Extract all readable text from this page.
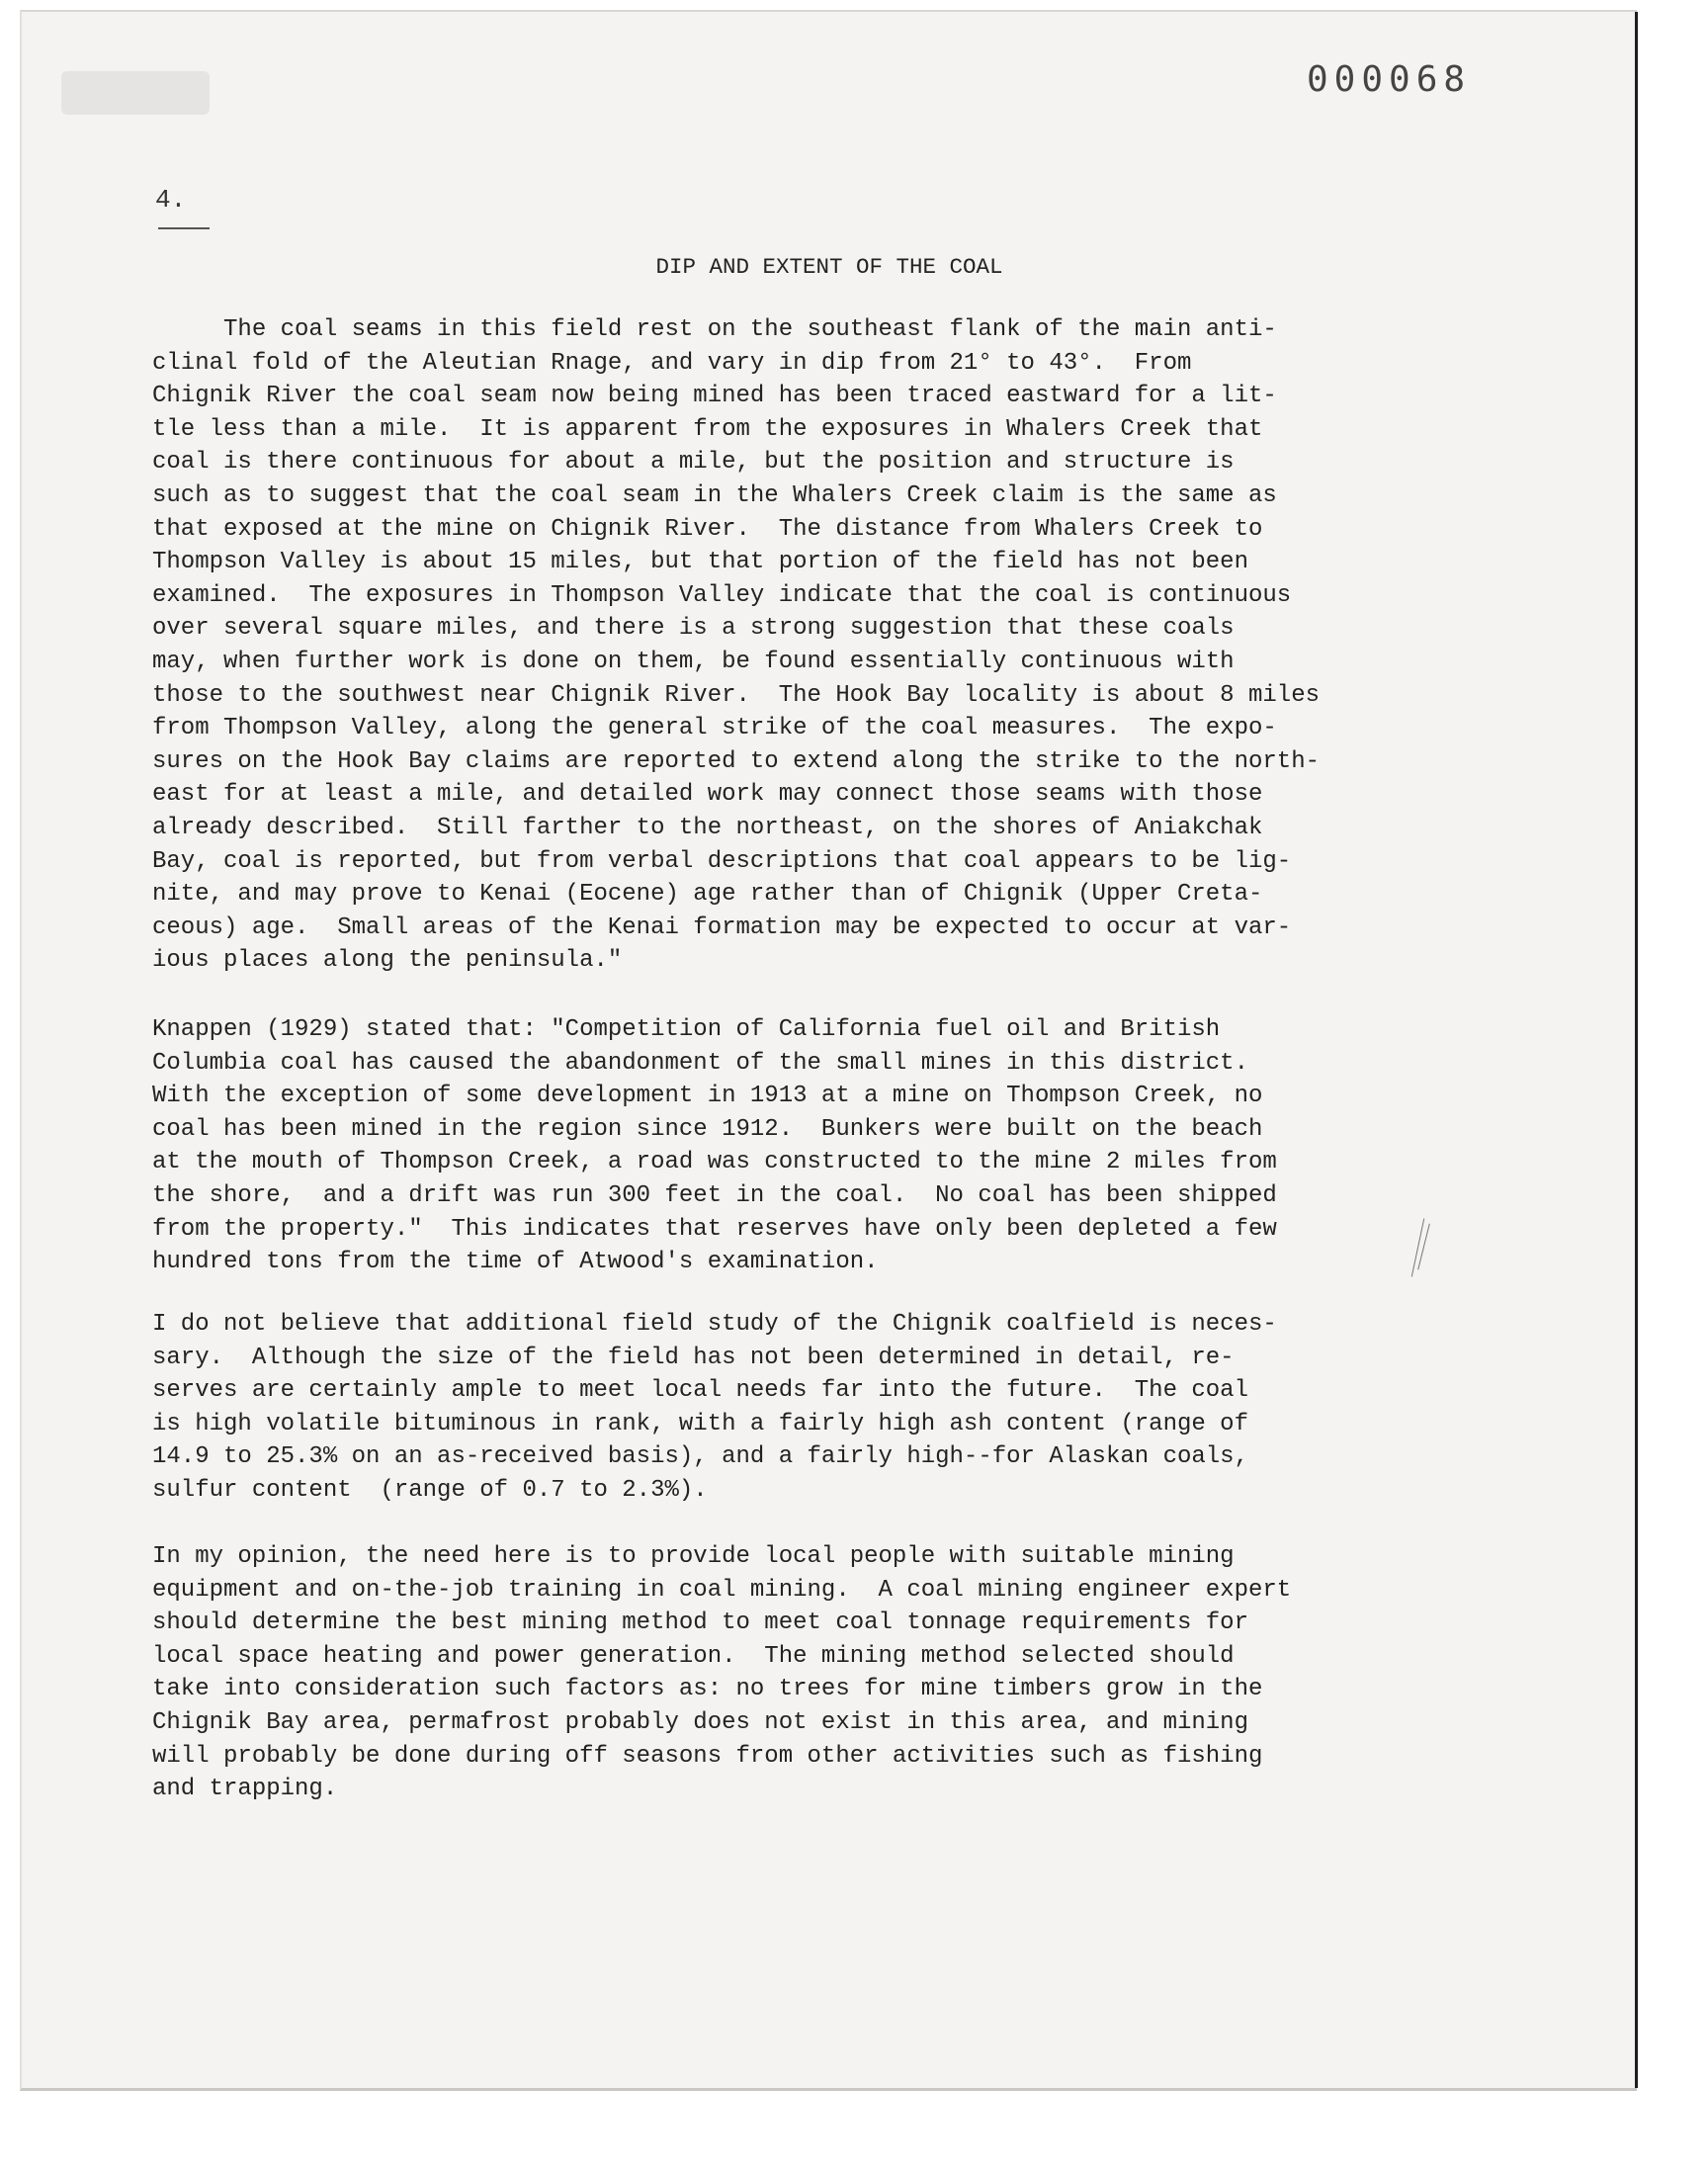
000068
4.
DIP AND EXTENT OF THE COAL

The coal seams in this field rest on the southeast flank of the main anti-
clinal fold of the Aleutian Rnage, and vary in dip from 21° to 43°.  From
Chignik River the coal seam now being mined has been traced eastward for a lit-
tle less than a mile.  It is apparent from the exposures in Whalers Creek that
coal is there continuous for about a mile, but the position and structure is
such as to suggest that the coal seam in the Whalers Creek claim is the same as
that exposed at the mine on Chignik River.  The distance from Whalers Creek to
Thompson Valley is about 15 miles, but that portion of the field has not been
examined.  The exposures in Thompson Valley indicate that the coal is continuous
over several square miles, and there is a strong suggestion that these coals
may, when further work is done on them, be found essentially continuous with
those to the southwest near Chignik River.  The Hook Bay locality is about 8 miles
from Thompson Valley, along the general strike of the coal measures.  The expo-
sures on the Hook Bay claims are reported to extend along the strike to the north-
east for at least a mile, and detailed work may connect those seams with those
already described.  Still farther to the northeast, on the shores of Aniakchak
Bay, coal is reported, but from verbal descriptions that coal appears to be lig-
nite, and may prove to Kenai (Eocene) age rather than of Chignik (Upper Creta-
ceous) age.  Small areas of the Kenai formation may be expected to occur at var-
ious places along the peninsula."

Knappen (1929) stated that: "Competition of California fuel oil and British
Columbia coal has caused the abandonment of the small mines in this district.
With the exception of some development in 1913 at a mine on Thompson Creek, no
coal has been mined in the region since 1912.  Bunkers were built on the beach
at the mouth of Thompson Creek, a road was constructed to the mine 2 miles from
the shore,  and a drift was run 300 feet in the coal.  No coal has been shipped
from the property."  This indicates that reserves have only been depleted a few
hundred tons from the time of Atwood's examination.

I do not believe that additional field study of the Chignik coalfield is neces-
sary.  Although the size of the field has not been determined in detail, re-
serves are certainly ample to meet local needs far into the future.  The coal
is high volatile bituminous in rank, with a fairly high ash content (range of
14.9 to 25.3% on an as-received basis), and a fairly high--for Alaskan coals,
sulfur content  (range of 0.7 to 2.3%).

In my opinion, the need here is to provide local people with suitable mining
equipment and on-the-job training in coal mining.  A coal mining engineer expert
should determine the best mining method to meet coal tonnage requirements for
local space heating and power generation.  The mining method selected should
take into consideration such factors as: no trees for mine timbers grow in the
Chignik Bay area, permafrost probably does not exist in this area, and mining
will probably be done during off seasons from other activities such as fishing
and trapping.
